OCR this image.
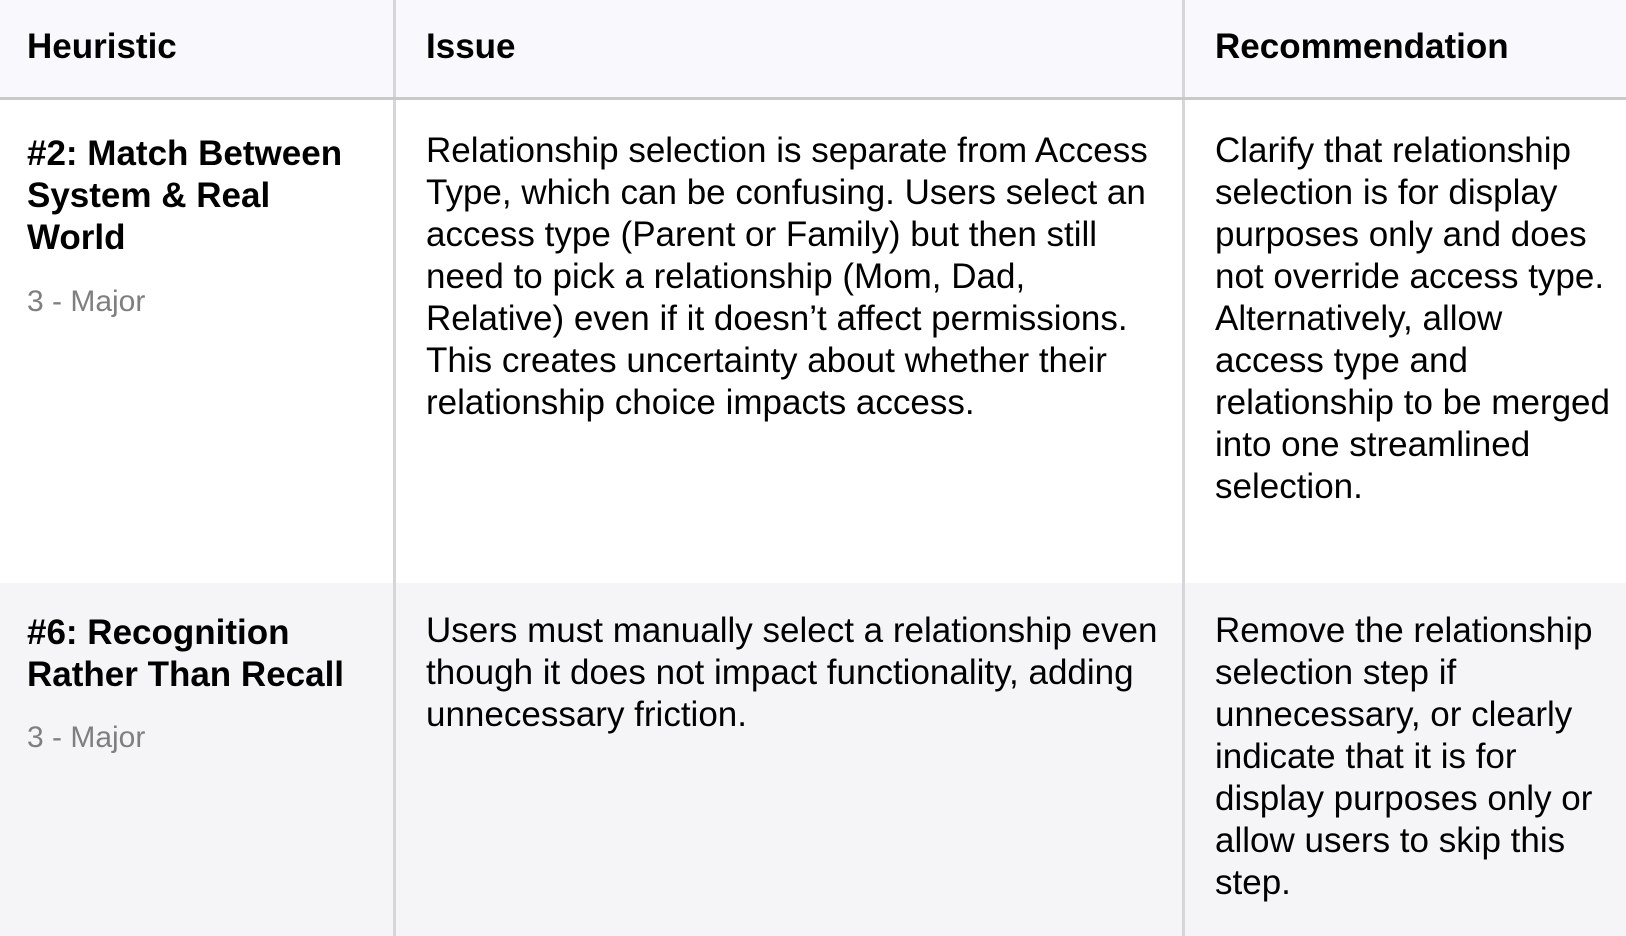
Heuristic	Issue	Recommendation

#2: Match Between System & Real World

3 - Major

Relationship selection is separate from Access Type, which can be confusing. Users select an access type (Parent or Family) but then still need to pick a relationship (Mom, Dad, Relative) even if it doesn’t affect permissions. This creates uncertainty about whether their relationship choice impacts access.

Clarify that relationship selection is for display purposes only and does not override access type. Alternatively, allow access type and relationship to be merged into one streamlined selection.

#6: Recognition Rather Than Recall

3 - Major

Users must manually select a relationship even though it does not impact functionality, adding unnecessary friction.

Remove the relationship selection step if unnecessary, or clearly indicate that it is for display purposes only or allow users to skip this step.
